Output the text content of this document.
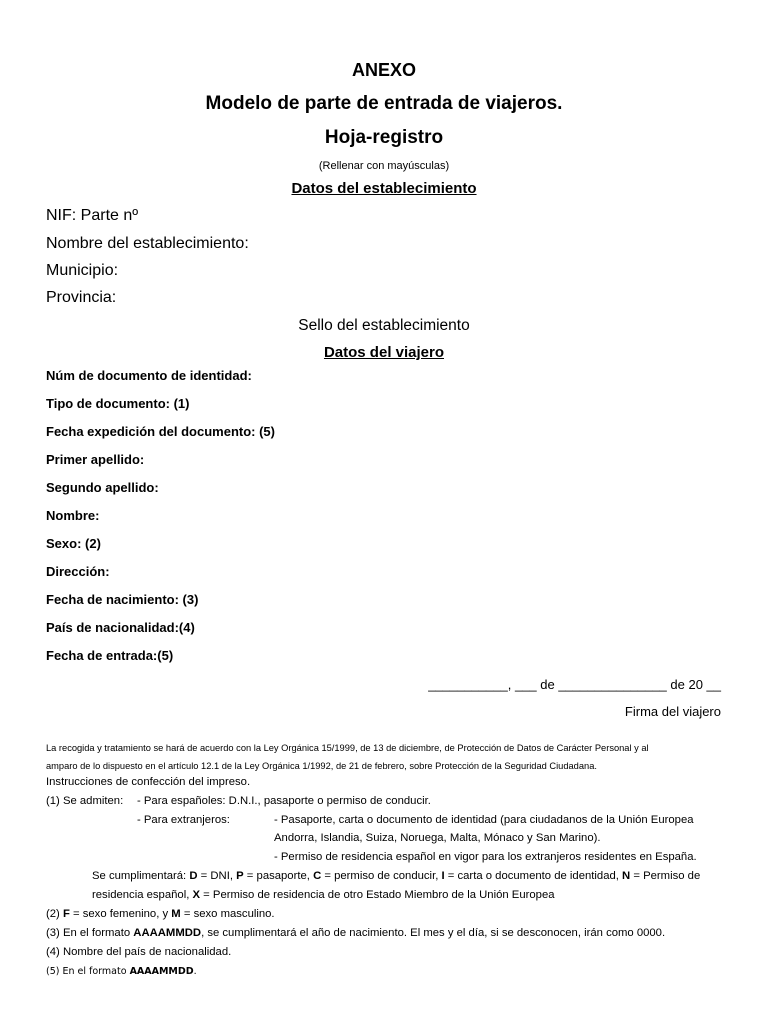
ANEXO
Modelo de parte de entrada de viajeros.
Hoja-registro
(Rellenar con mayúsculas)
Datos del establecimiento
NIF: Parte nº
Nombre del establecimiento:
Municipio:
Provincia:
Sello del establecimiento
Datos del viajero
Núm de documento de identidad:
Tipo de documento: (1)
Fecha expedición del documento: (5)
Primer apellido:
Segundo apellido:
Nombre:
Sexo: (2)
Dirección:
Fecha de nacimiento: (3)
País de nacionalidad:(4)
Fecha de entrada:(5)
___________, ___ de _______________ de 20 __
Firma del viajero
La recogida y tratamiento se hará de acuerdo con la Ley Orgánica 15/1999, de 13 de diciembre, de Protección de Datos de Carácter Personal y al
amparo de lo dispuesto en el artículo 12.1 de la Ley Orgánica 1/1992, de 21 de febrero, sobre Protección de la Seguridad Ciudadana.
Instrucciones de confección del impreso.
(1) Se admiten: - Para españoles: D.N.I., pasaporte o permiso de conducir.
- Para extranjeros:	- Pasaporte, carta o documento de identidad (para ciudadanos de la Unión Europea
Andorra, Islandia, Suiza, Noruega, Malta, Mónaco y San Marino).
- Permiso de residencia español en vigor para los extranjeros residentes en España.
Se cumplimentará: D = DNI, P = pasaporte, C = permiso de conducir, I = carta o documento de identidad, N = Permiso de
residencia español, X = Permiso de residencia de otro Estado Miembro de la Unión Europea
(2) F = sexo femenino, y M = sexo masculino.
(3) En el formato AAAAMMDD, se cumplimentará el año de nacimiento. El mes y el día, si se desconocen, irán como 0000.
(4) Nombre del país de nacionalidad.
(5) En el formato AAAAMMDD.
